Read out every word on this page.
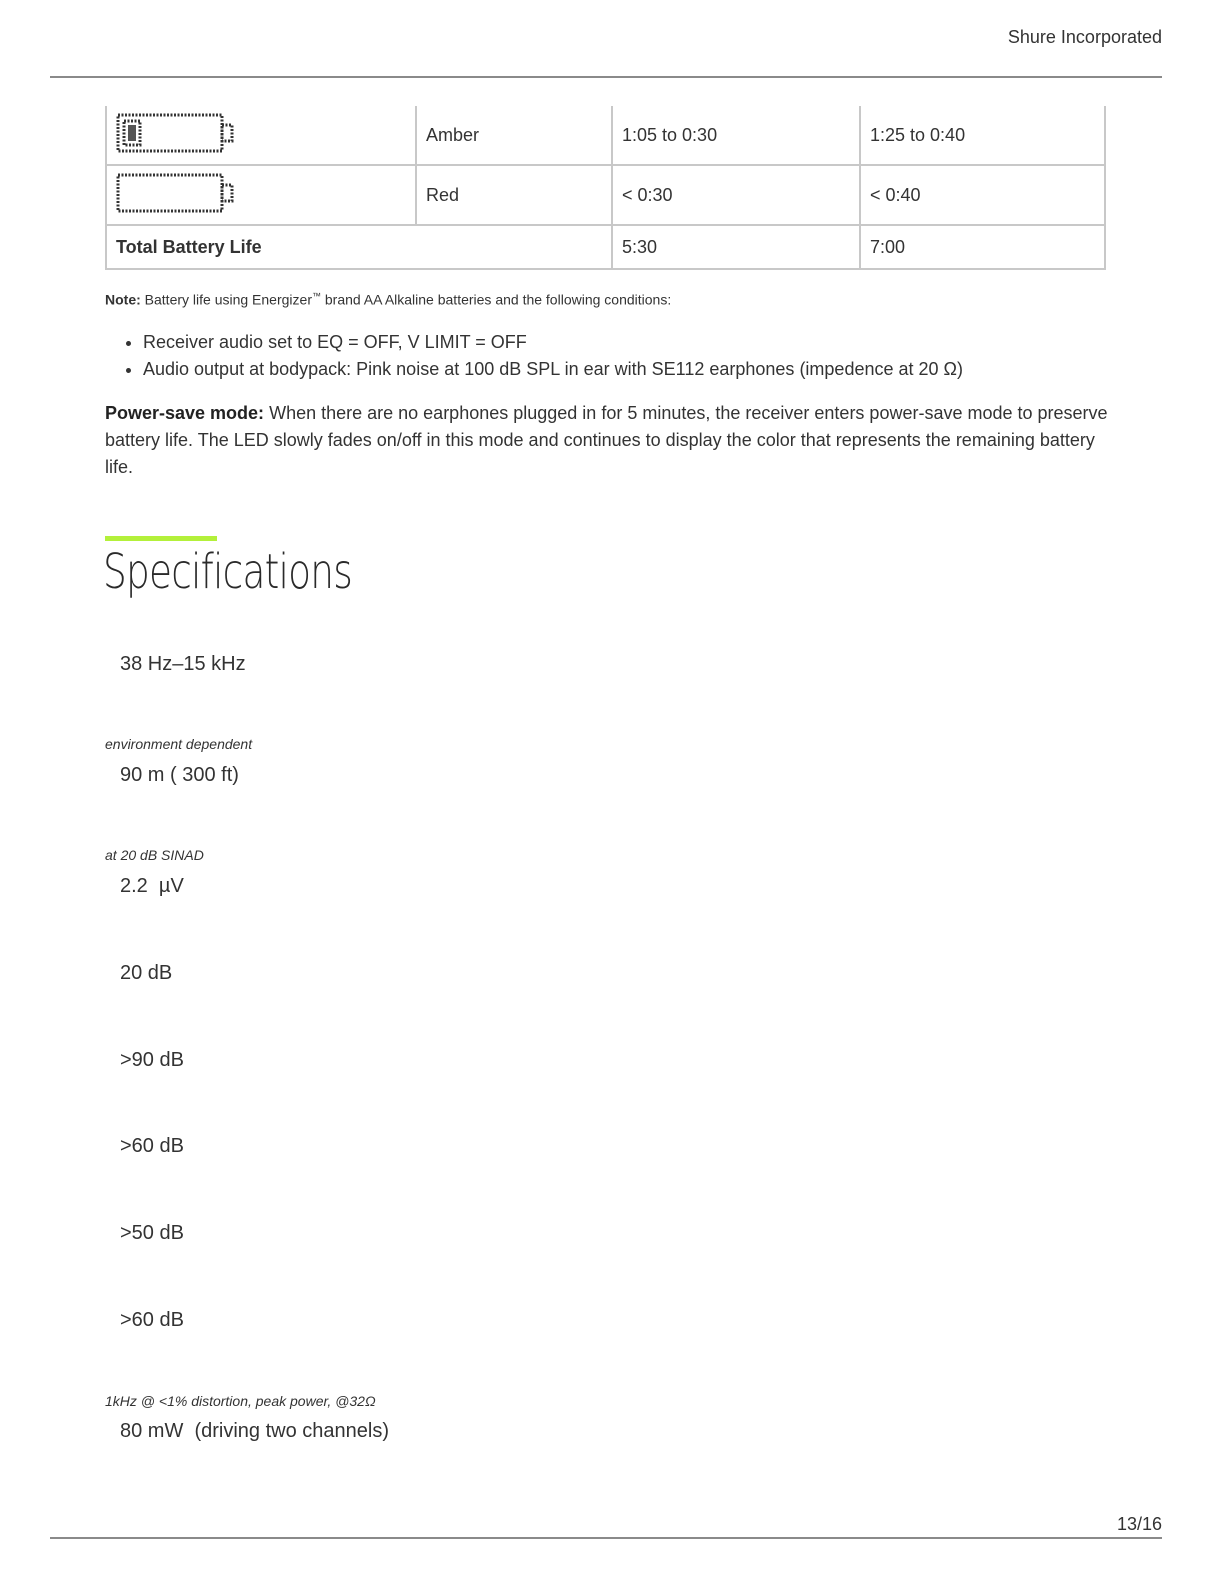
Shure Incorporated
	Amber	1:05 to 0:30	1:25 to 0:40
	Red	< 0:30	< 0:40
Total Battery Life		5:30	7:00
Note: Battery life using Energizer™ brand AA Alkaline batteries and the following conditions:
• Receiver audio set to EQ = OFF, V LIMIT = OFF
• Audio output at bodypack: Pink noise at 100 dB SPL in ear with SE112 earphones (impedence at 20 Ω)
Power-save mode: When there are no earphones plugged in for 5 minutes, the receiver enters power-save mode to preserve battery life. The LED slowly fades on/off in this mode and continues to display the color that represents the remaining battery life.
Specifications
38 Hz–15 kHz
environment dependent
90 m ( 300 ft)
at 20 dB SINAD
2.2  µV
20 dB
>90 dB
>60 dB
>50 dB
>60 dB
1kHz @ <1% distortion, peak power, @32Ω
80 mW  (driving two channels)
13/16
